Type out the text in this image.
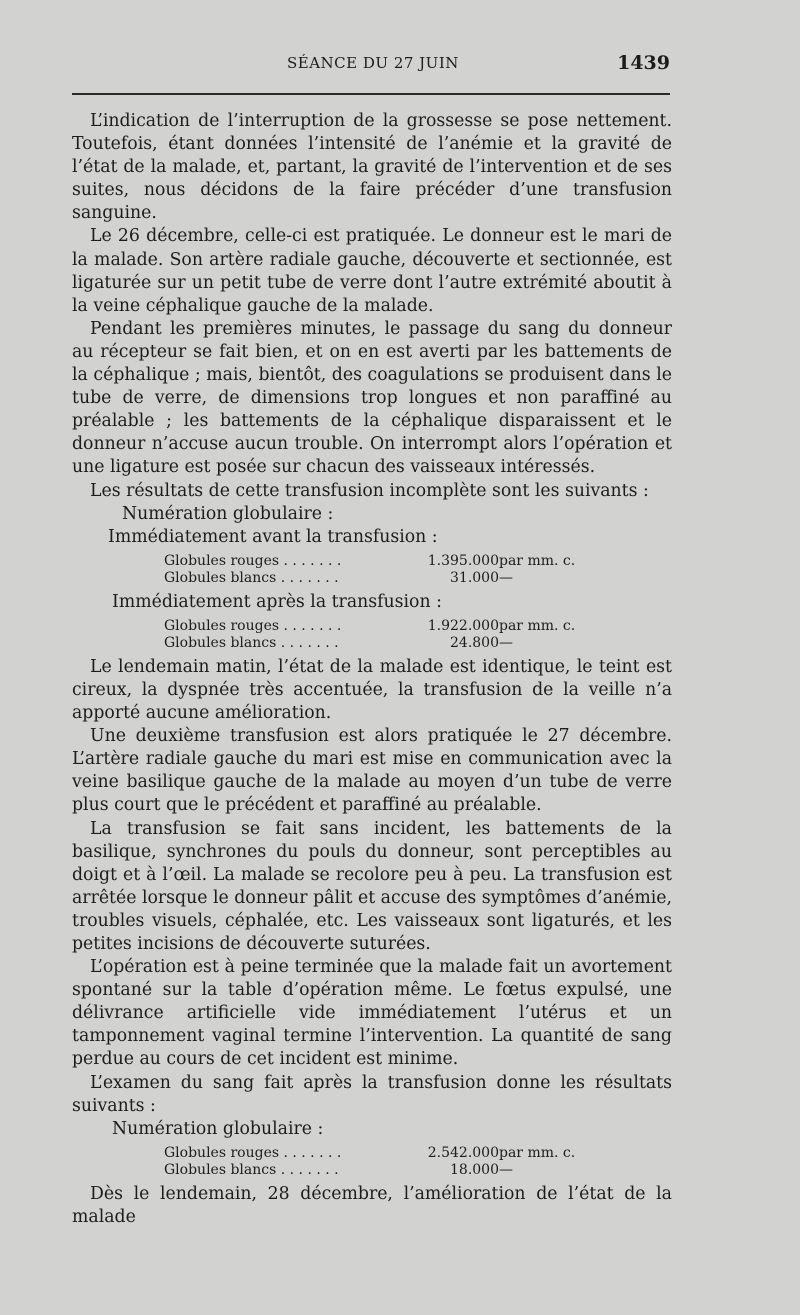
SÉANCE DU 27 JUIN	1439

L’indication de l’interruption de la grossesse se pose nettement. Toutefois, étant données l’intensité de l’anémie et la gravité de l’état de la malade, et, partant, la gravité de l’intervention et de ses suites, nous décidons de la faire précéder d’une transfusion sanguine.

Le 26 décembre, celle-ci est pratiquée. Le donneur est le mari de la malade. Son artère radiale gauche, découverte et sectionnée, est ligaturée sur un petit tube de verre dont l’autre extrémité aboutit à la veine céphalique gauche de la malade.

Pendant les premières minutes, le passage du sang du donneur au récepteur se fait bien, et on en est averti par les battements de la céphalique ; mais, bientôt, des coagulations se produisent dans le tube de verre, de dimensions trop longues et non paraffiné au préalable ; les battements de la céphalique disparaissent et le donneur n’accuse aucun trouble. On interrompt alors l’opération et une ligature est posée sur chacun des vaisseaux intéressés.

Les résultats de cette transfusion incomplète sont les suivants :

Numération globulaire :

Immédiatement avant la transfusion :

Globules rouges . . . . . . .	1.395.000	par mm. c.
Globules blancs . . . . . . .	31.000	—

Immédiatement après la transfusion :

Globules rouges . . . . . . .	1.922.000	par mm. c.
Globules blancs . . . . . . .	24.800	—

Le lendemain matin, l’état de la malade est identique, le teint est cireux, la dyspnée très accentuée, la transfusion de la veille n’a apporté aucune amélioration.

Une deuxième transfusion est alors pratiquée le 27 décembre. L’artère radiale gauche du mari est mise en communication avec la veine basilique gauche de la malade au moyen d’un tube de verre plus court que le précédent et paraffiné au préalable.

La transfusion se fait sans incident, les battements de la basilique, synchrones du pouls du donneur, sont perceptibles au doigt et à l’œil. La malade se recolore peu à peu. La transfusion est arrêtée lorsque le donneur pâlit et accuse des symptômes d’anémie, troubles visuels, céphalée, etc. Les vaisseaux sont ligaturés, et les petites incisions de découverte suturées.

L’opération est à peine terminée que la malade fait un avortement spontané sur la table d’opération même. Le fœtus expulsé, une délivrance artificielle vide immédiatement l’utérus et un tamponnement vaginal termine l’intervention. La quantité de sang perdue au cours de cet incident est minime.

L’examen du sang fait après la transfusion donne les résultats suivants :

Numération globulaire :

Globules rouges . . . . . . .	2.542.000	par mm. c.
Globules blancs . . . . . . .	18.000	—

Dès le lendemain, 28 décembre, l’amélioration de l’état de la malade
